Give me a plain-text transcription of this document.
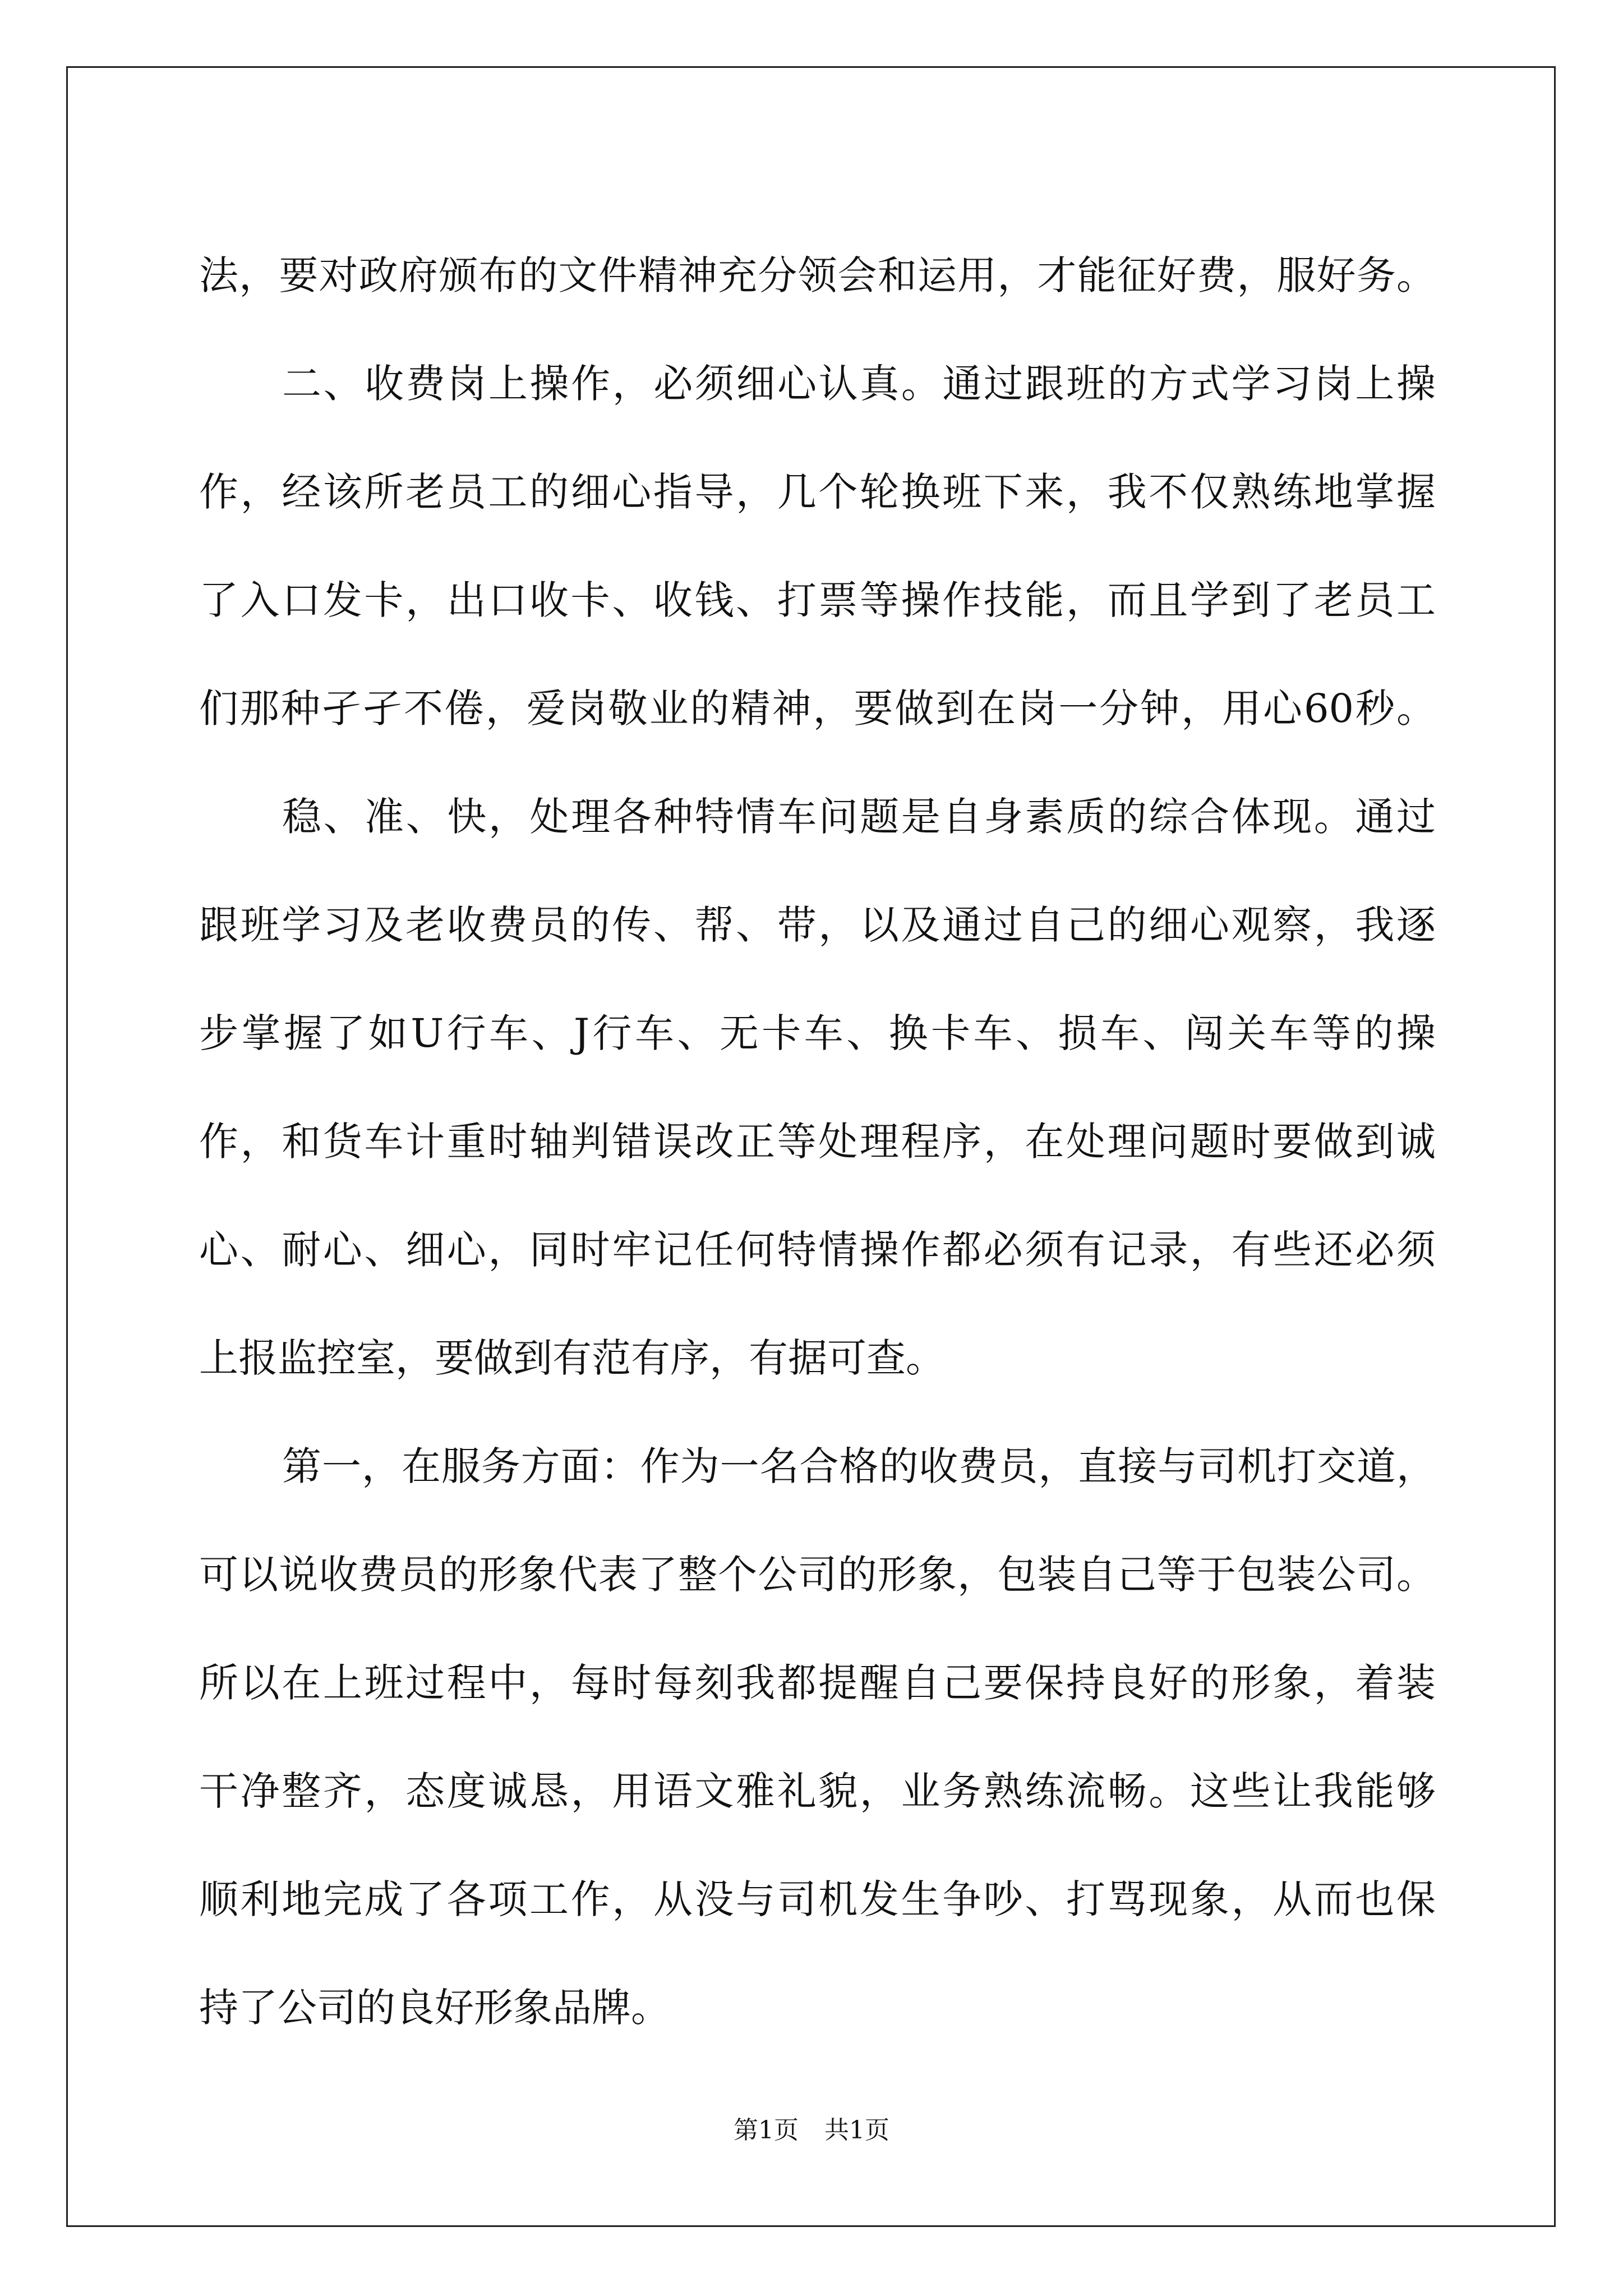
法，要对政府颁布的文件精神充分领会和运用，才能征好费，服好务。
二、收费岗上操作，必须细心认真。通过跟班的方式学习岗上操
作，经该所老员工的细心指导，几个轮换班下来，我不仅熟练地掌握
了入口发卡，出口收卡、收钱、打票等操作技能，而且学到了老员工
们那种孑孑不倦，爱岗敬业的精神，要做到在岗一分钟，用心60秒。
稳、准、快，处理各种特情车问题是自身素质的综合体现。通过
跟班学习及老收费员的传、帮、带，以及通过自己的细心观察，我逐
步掌握了如U行车、J行车、无卡车、换卡车、损车、闯关车等的操
作，和货车计重时轴判错误改正等处理程序，在处理问题时要做到诚
心、耐心、细心，同时牢记任何特情操作都必须有记录，有些还必须
上报监控室，要做到有范有序，有据可查。
第一，在服务方面：作为一名合格的收费员，直接与司机打交道，
可以说收费员的形象代表了整个公司的形象，包装自己等于包装公司。
所以在上班过程中，每时每刻我都提醒自己要保持良好的形象，着装
干净整齐，态度诚恳，用语文雅礼貌，业务熟练流畅。这些让我能够
顺利地完成了各项工作，从没与司机发生争吵、打骂现象，从而也保
持了公司的良好形象品牌。
第1页 共1页
